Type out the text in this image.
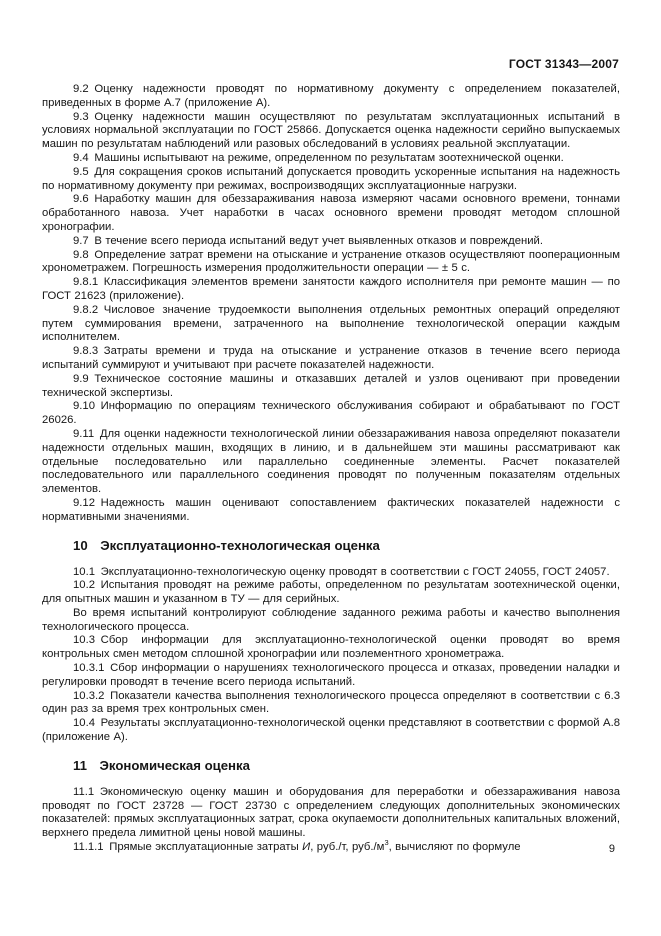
ГОСТ 31343—2007

9.2  Оценку надежности проводят по нормативному документу с определением показателей, приведенных в форме А.7 (приложение А).

9.3  Оценку надежности машин осуществляют по результатам эксплуатационных испытаний в условиях нормальной эксплуатации по ГОСТ 25866. Допускается оценка надежности серийно выпускаемых машин по результатам наблюдений или разовых обследований в условиях реальной эксплуатации.

9.4  Машины испытывают на режиме, определенном по результатам зоотехнической оценки.

9.5  Для сокращения сроков испытаний допускается проводить ускоренные испытания на надежность по нормативному документу при режимах, воспроизводящих эксплуатационные нагрузки.

9.6  Наработку машин для обеззараживания навоза измеряют часами основного времени, тоннами обработанного навоза. Учет наработки в часах основного времени проводят методом сплошной хронографии.

9.7  В течение всего периода испытаний ведут учет выявленных отказов и повреждений.

9.8  Определение затрат времени на отыскание и устранение отказов осуществляют пооперационным хронометражем. Погрешность измерения продолжительности операции — ± 5 с.

9.8.1  Классификация элементов времени занятости каждого исполнителя при ремонте машин — по ГОСТ 21623 (приложение).

9.8.2  Числовое значение трудоемкости выполнения отдельных ремонтных операций определяют путем суммирования времени, затраченного на выполнение технологической операции каждым исполнителем.

9.8.3  Затраты времени и труда на отыскание и устранение отказов в течение всего периода испытаний суммируют и учитывают при расчете показателей надежности.

9.9  Техническое состояние машины и отказавших деталей и узлов оценивают при проведении технической экспертизы.

9.10  Информацию по операциям технического обслуживания собирают и обрабатывают по ГОСТ 26026.

9.11  Для оценки надежности технологической линии обеззараживания навоза определяют показатели надежности отдельных машин, входящих в линию, и в дальнейшем эти машины рассматривают как отдельные последовательно или параллельно соединенные элементы. Расчет показателей последовательного или параллельного соединения проводят по полученным показателям отдельных элементов.

9.12  Надежность машин оценивают сопоставлением фактических показателей надежности с нормативными значениями.

10  Эксплуатационно-технологическая оценка

10.1  Эксплуатационно-технологическую оценку проводят в соответствии с ГОСТ 24055, ГОСТ 24057.

10.2  Испытания проводят на режиме работы, определенном по результатам зоотехнической оценки, для опытных машин и указанном в ТУ — для серийных.

Во время испытаний контролируют соблюдение заданного режима работы и качество выполнения технологического процесса.

10.3  Сбор информации для эксплуатационно-технологической оценки проводят во время контрольных смен методом сплошной хронографии или поэлементного хронометража.

10.3.1  Сбор информации о нарушениях технологического процесса и отказах, проведении наладки и регулировки проводят в течение всего периода испытаний.

10.3.2  Показатели качества выполнения технологического процесса определяют в соответствии с 6.3 один раз за время трех контрольных смен.

10.4  Результаты эксплуатационно-технологической оценки представляют в соответствии с формой А.8 (приложение А).

11  Экономическая оценка

11.1  Экономическую оценку машин и оборудования для переработки и обеззараживания навоза проводят по ГОСТ 23728 — ГОСТ 23730 с определением следующих дополнительных экономических показателей: прямых эксплуатационных затрат, срока окупаемости дополнительных капитальных вложений, верхнего предела лимитной цены новой машины.

11.1.1  Прямые эксплуатационные затраты И, руб./т, $руб./м^3$, вычисляют по формуле	9
